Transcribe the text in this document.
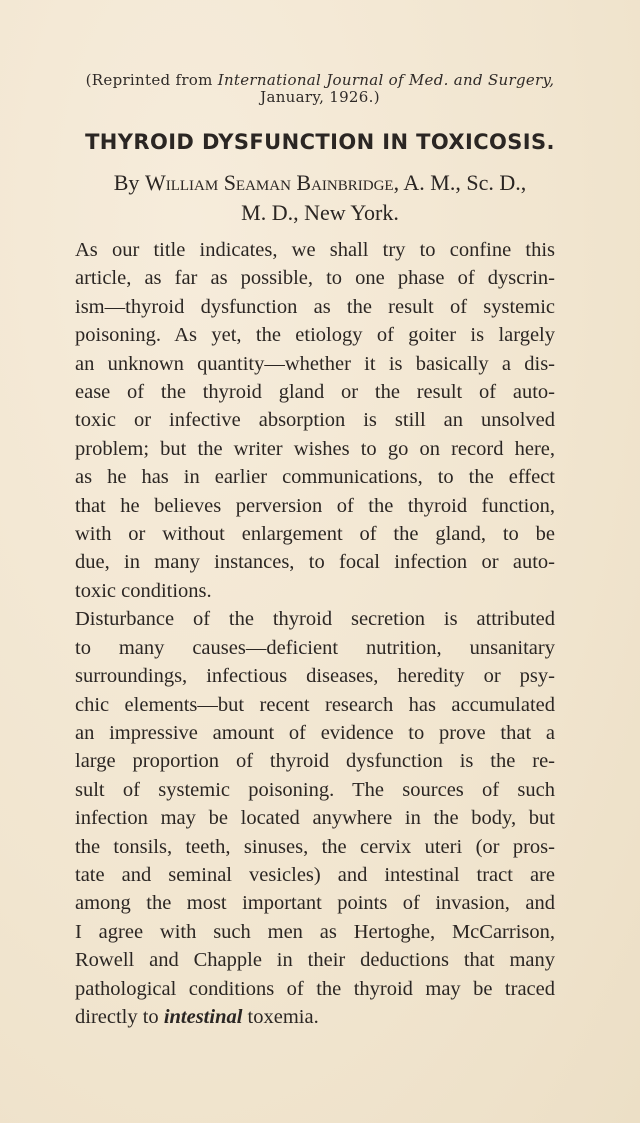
(Reprinted from International Journal of Med. and Surgery,
January, 1926.)
THYROID DYSFUNCTION IN TOXICOSIS.
By William Seaman Bainbridge, A. M., Sc. D.,
M. D., New York.
As our title indicates, we shall try to confine this
article, as far as possible, to one phase of dyscrin-
ism—thyroid dysfunction as the result of systemic
poisoning. As yet, the etiology of goiter is largely
an unknown quantity—whether it is basically a dis-
ease of the thyroid gland or the result of auto-
toxic or infective absorption is still an unsolved
problem; but the writer wishes to go on record here,
as he has in earlier communications, to the effect
that he believes perversion of the thyroid function,
with or without enlargement of the gland, to be
due, in many instances, to focal infection or auto-
toxic conditions.
Disturbance of the thyroid secretion is attributed
to many causes—deficient nutrition, unsanitary
surroundings, infectious diseases, heredity or psy-
chic elements—but recent research has accumulated
an impressive amount of evidence to prove that a
large proportion of thyroid dysfunction is the re-
sult of systemic poisoning. The sources of such
infection may be located anywhere in the body, but
the tonsils, teeth, sinuses, the cervix uteri (or pros-
tate and seminal vesicles) and intestinal tract are
among the most important points of invasion, and
I agree with such men as Hertoghe, McCarrison,
Rowell and Chapple in their deductions that many
pathological conditions of the thyroid may be traced
directly to intestinal toxemia.
